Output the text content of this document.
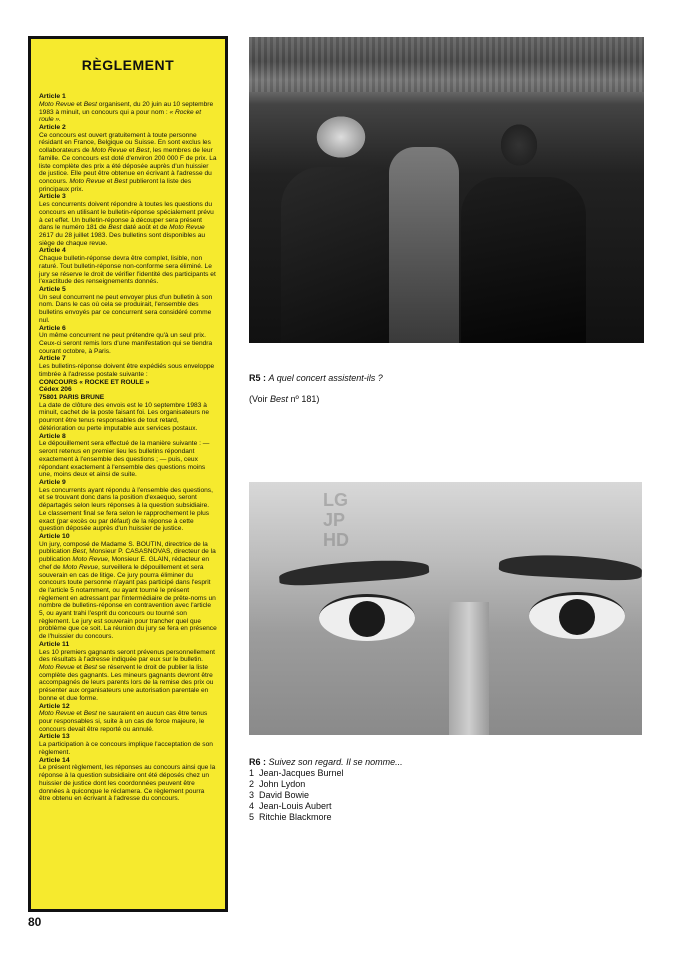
RÈGLEMENT
Article 1

Moto Revue et Best organisent, du 20 juin au 10 septembre 1983 à minuit, un concours qui a pour nom : « Rocke et roule ».

Article 2

Ce concours est ouvert gratuitement à toute personne résidant en France, Belgique ou Suisse. En sont exclus les collaborateurs de Moto Revue et Best, les membres de leur famille. Ce concours est doté d'environ 200 000 F de prix. La liste complète des prix a été déposée auprès d'un huissier de justice. Elle peut être obtenue en écrivant à l'adresse du concours. Moto Revue et Best publieront la liste des principaux prix.

Article 3

Les concurrents doivent répondre à toutes les questions du concours en utilisant le bulletin-réponse spécialement prévu à cet effet. Un bulletin-réponse à découper sera présent dans le numéro 181 de Best daté août et de Moto Revue 2617 du 28 juillet 1983. Des bulletins sont disponibles au siège de chaque revue.

Article 4

Chaque bulletin-réponse devra être complet, lisible, non raturé. Tout bulletin-réponse non-conforme sera éliminé. Le jury se réserve le droit de vérifier l'identité des participants et l'exactitude des renseignements donnés.

Article 5

Un seul concurrent ne peut envoyer plus d'un bulletin à son nom. Dans le cas où cela se produirait, l'ensemble des bulletins envoyés par ce concurrent sera considéré comme nul.

Article 6

Un même concurrent ne peut prétendre qu'à un seul prix. Ceux-ci seront remis lors d'une manifestation qui se tiendra courant octobre, à Paris.

Article 7

Les bulletins-réponse doivent être expédiés sous enveloppe timbrée à l'adresse postale suivante :

CONCOURS « ROCKE ET ROULE »

Cédex 206

75801 PARIS BRUNE

La date de clôture des envois est le 10 septembre 1983 à minuit, cachet de la poste faisant foi. Les organisateurs ne pourront être tenus responsables de tout retard, détérioration ou perte imputable aux services postaux.

Article 8

Le dépouillement sera effectué de la manière suivante : — seront retenus en premier lieu les bulletins répondant exactement à l'ensemble des questions ; — puis, ceux répondant exactement à l'ensemble des questions moins une, moins deux et ainsi de suite.

Article 9

Les concurrents ayant répondu à l'ensemble des questions, et se trouvant donc dans la position d'exaequo, seront départagés selon leurs réponses à la question subsidiaire. Le classement final se fera selon le rapprochement le plus exact (par excès ou par défaut) de la réponse à cette question déposée auprès d'un huissier de justice.

Article 10

Un jury, composé de Madame S. BOUTIN, directrice de la publication Best, Monsieur P. CASASNOVAS, directeur de la publication Moto Revue, Monsieur E. GLAIN, rédacteur en chef de Moto Revue, surveillera le dépouillement et sera souverain en cas de litige. Ce jury pourra éliminer du concours toute personne n'ayant pas participé dans l'esprit de l'article 5 notamment, ou ayant tourné le présent règlement en adressant par l'intermédiaire de prête-noms un nombre de bulletins-réponse en contravention avec l'article 5, ou ayant trahi l'esprit du concours ou tourné son règlement. Le jury est souverain pour trancher quel que problème que ce soit. La réunion du jury se fera en présence de l'huissier du concours.

Article 11

Les 10 premiers gagnants seront prévenus personnellement des résultats à l'adresse indiquée par eux sur le bulletin. Moto Revue et Best se réservent le droit de publier la liste complète des gagnants. Les mineurs gagnants devront être accompagnés de leurs parents lors de la remise des prix ou présenter aux organisateurs une autorisation parentale en bonne et due forme.

Article 12

Moto Revue et Best ne sauraient en aucun cas être tenus pour responsables si, suite à un cas de force majeure, le concours devait être reporté ou annulé.

Article 13

La participation à ce concours implique l'acceptation de son règlement.

Article 14

Le présent règlement, les réponses au concours ainsi que la réponse à la question subsidiaire ont été déposés chez un huissier de justice dont les coordonnées peuvent être données à quiconque le réclamera. Ce règlement pourra être obtenu en écrivant à l'adresse du concours.

80
R5 : A quel concert assistent-ils ?
(Voir Best nº 181)
LG
JP
HD
R6 : Suivez son regard. Il se nomme...
1 Jean-Jacques Burnel
2 John Lydon
3 David Bowie
4 Jean-Louis Aubert
5 Ritchie Blackmore
